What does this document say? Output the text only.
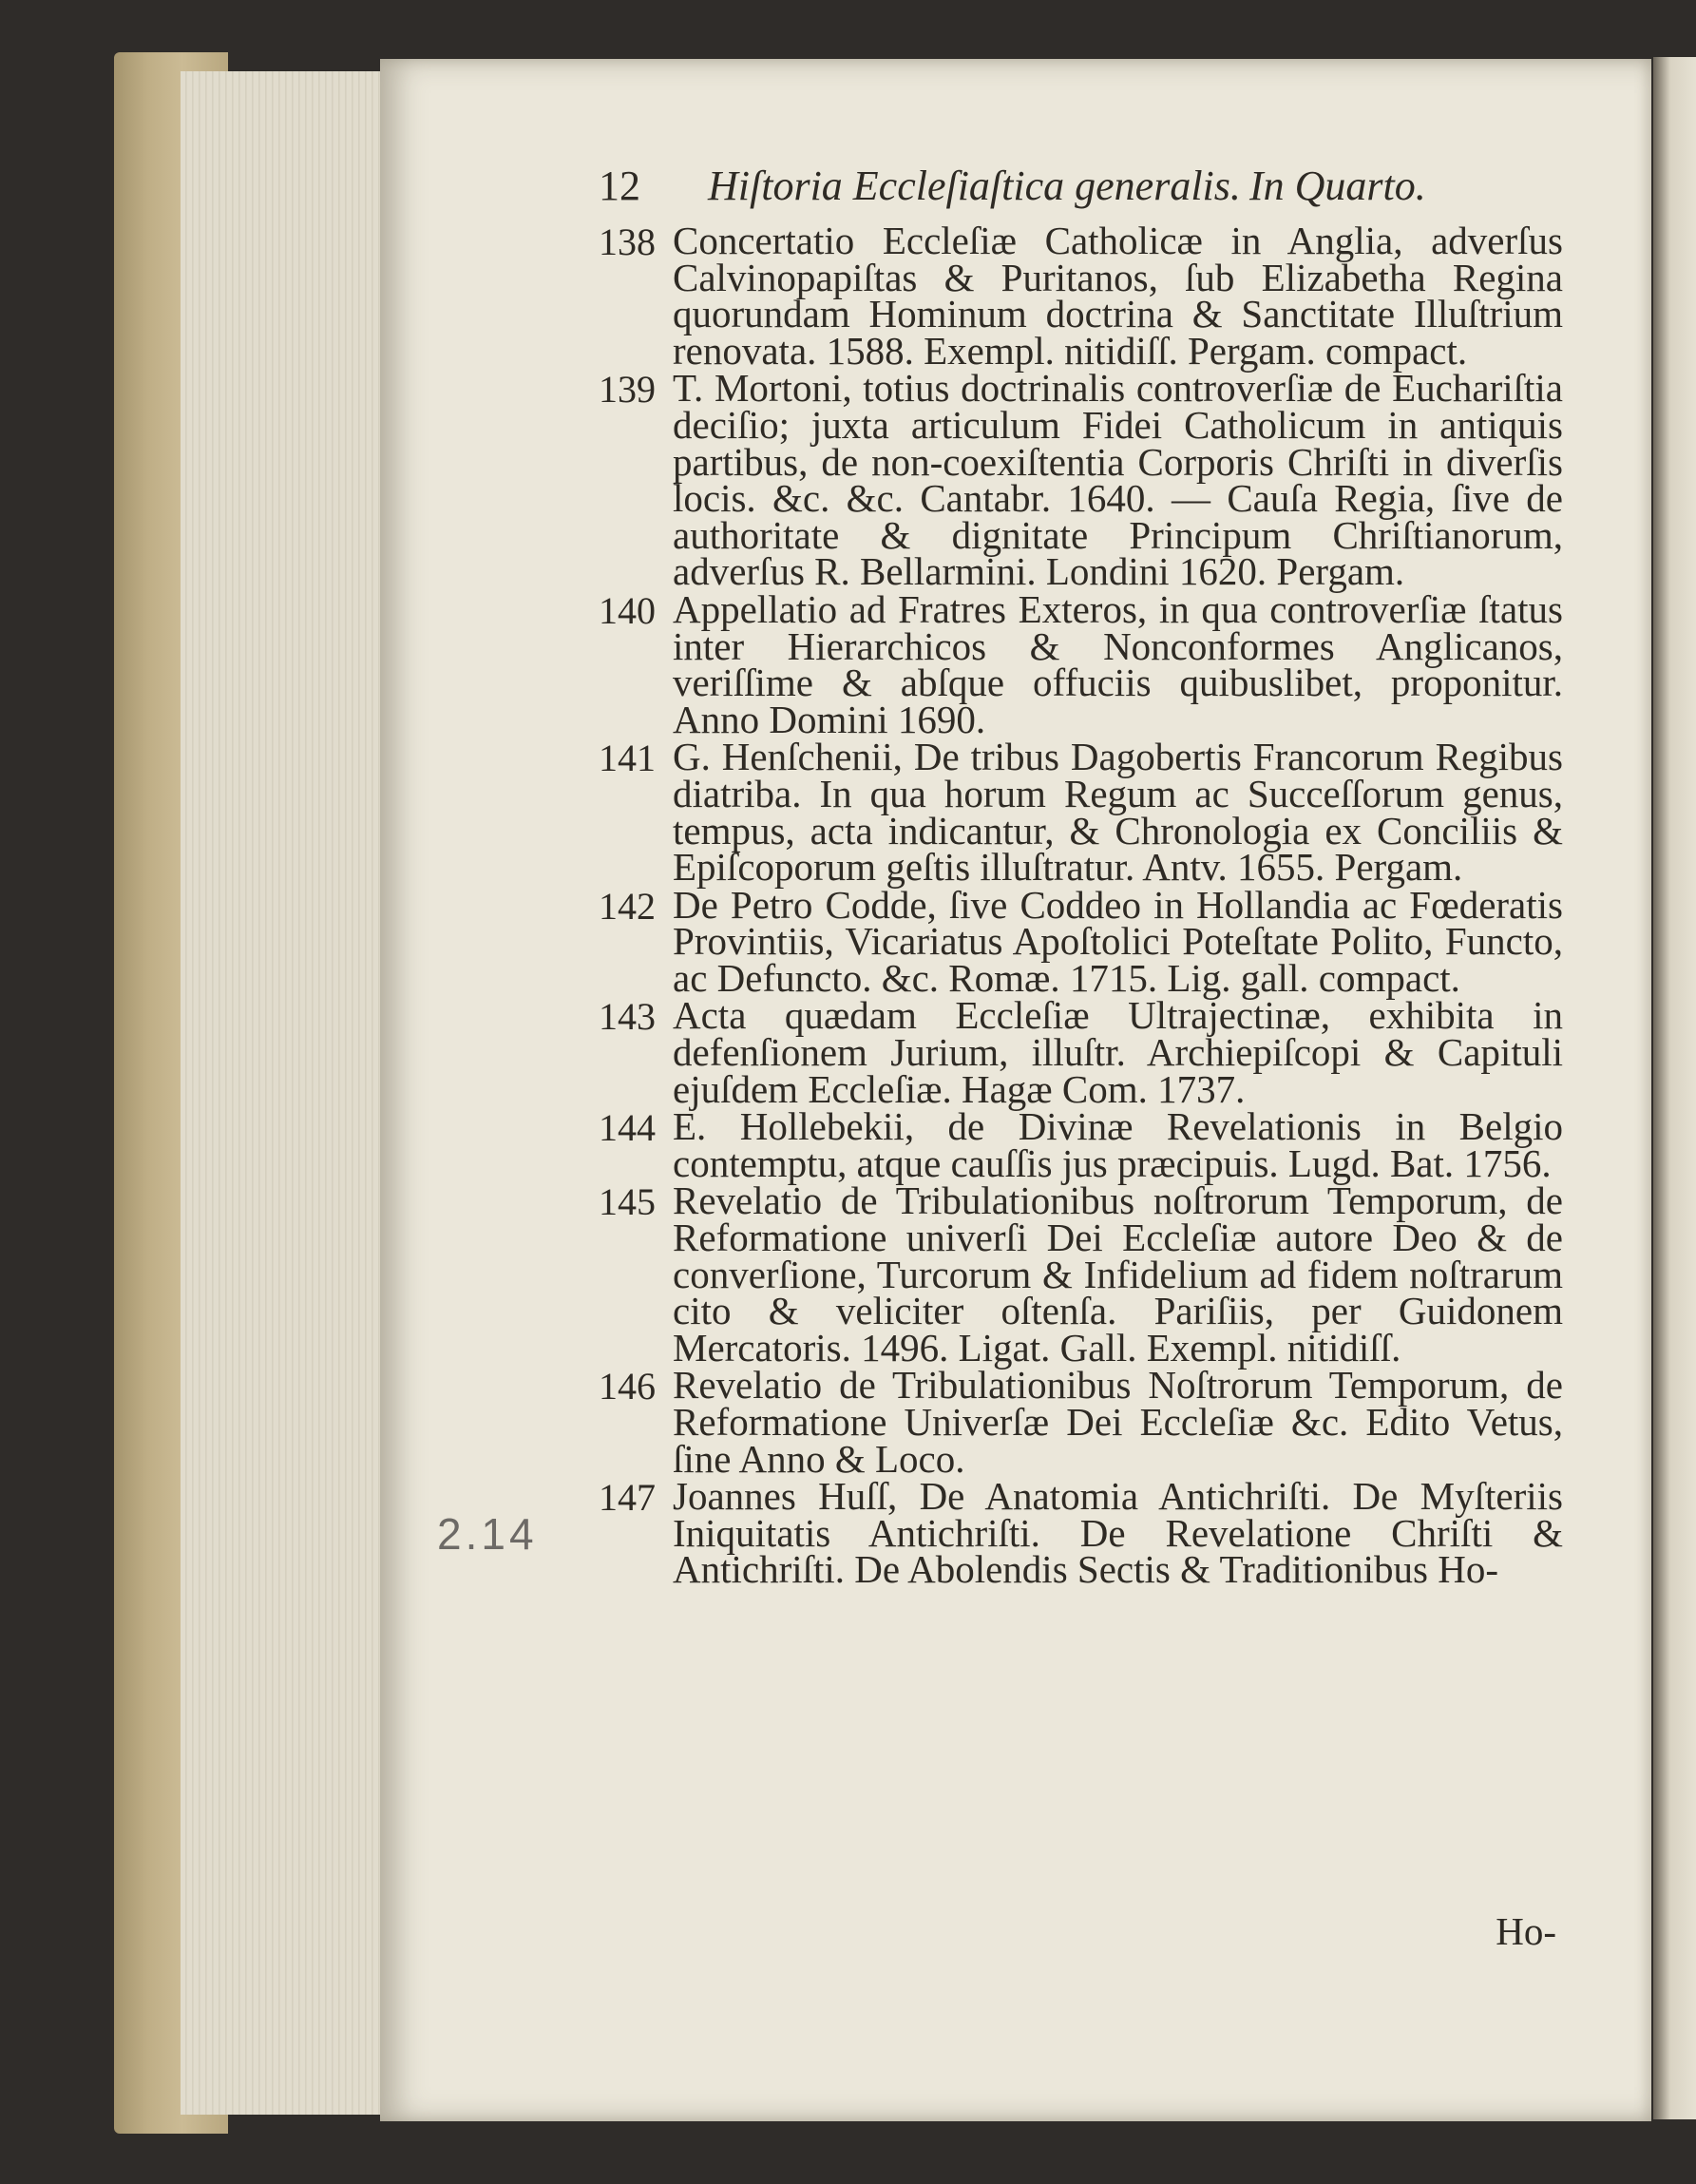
2.14
12 Hiſtoria Eccleſiaſtica generalis. In Quarto.
138 Concertatio Eccleſiæ Catholicæ in Anglia, adverſus Calvinopapiſtas & Puritanos, ſub Elizabetha Regina quorundam Hominum doctrina & Sanctitate Illuſtrium renovata. 1588. Exempl. nitidiſſ. Pergam. compact.
139 T. Mortoni, totius doctrinalis controverſiæ de Euchariſtia deciſio; juxta articulum Fidei Catholicum in antiquis partibus, de non-coexiſtentia Corporis Chriſti in diverſis locis. &c. &c. Cantabr. 1640. — Cauſa Regia, ſive de authoritate & dignitate Principum Chriſtianorum, adverſus R. Bellarmini. Londini 1620. Pergam.
140 Appellatio ad Fratres Exteros, in qua controverſiæ ſtatus inter Hierarchicos & Nonconformes Anglicanos, veriſſime & abſque offuciis quibuslibet, proponitur. Anno Domini 1690.
141 G. Henſchenii, De tribus Dagobertis Francorum Regibus diatriba. In qua horum Regum ac Succeſſorum genus, tempus, acta indicantur, & Chronologia ex Conciliis & Epiſcoporum geſtis illuſtratur. Antv. 1655. Pergam.
142 De Petro Codde, ſive Coddeo in Hollandia ac Fœderatis Provintiis, Vicariatus Apoſtolici Poteſtate Polito, Functo, ac Defuncto. &c. Romæ. 1715. Lig. gall. compact.
143 Acta quædam Eccleſiæ Ultrajectinæ, exhibita in defenſionem Jurium, illuſtr. Archiepiſcopi & Capituli ejuſdem Eccleſiæ. Hagæ Com. 1737.
144 E. Hollebekii, de Divinæ Revelationis in Belgio contemptu, atque cauſſis jus præcipuis. Lugd. Bat. 1756.
145 Revelatio de Tribulationibus noſtrorum Temporum, de Reformatione univerſi Dei Eccleſiæ autore Deo & de converſione, Turcorum & Infidelium ad fidem noſtrarum cito & veliciter oſtenſa. Pariſiis, per Guidonem Mercatoris. 1496. Ligat. Gall. Exempl. nitidiſſ.
146 Revelatio de Tribulationibus Noſtrorum Temporum, de Reformatione Univerſæ Dei Eccleſiæ &c. Edito Vetus, ſine Anno & Loco.
147 Joannes Huſſ, De Anatomia Antichriſti. De Myſteriis Iniquitatis Antichriſti. De Revelatione Chriſti & Antichriſti. De Abolendis Sectis & Traditionibus Ho-
Ho-
